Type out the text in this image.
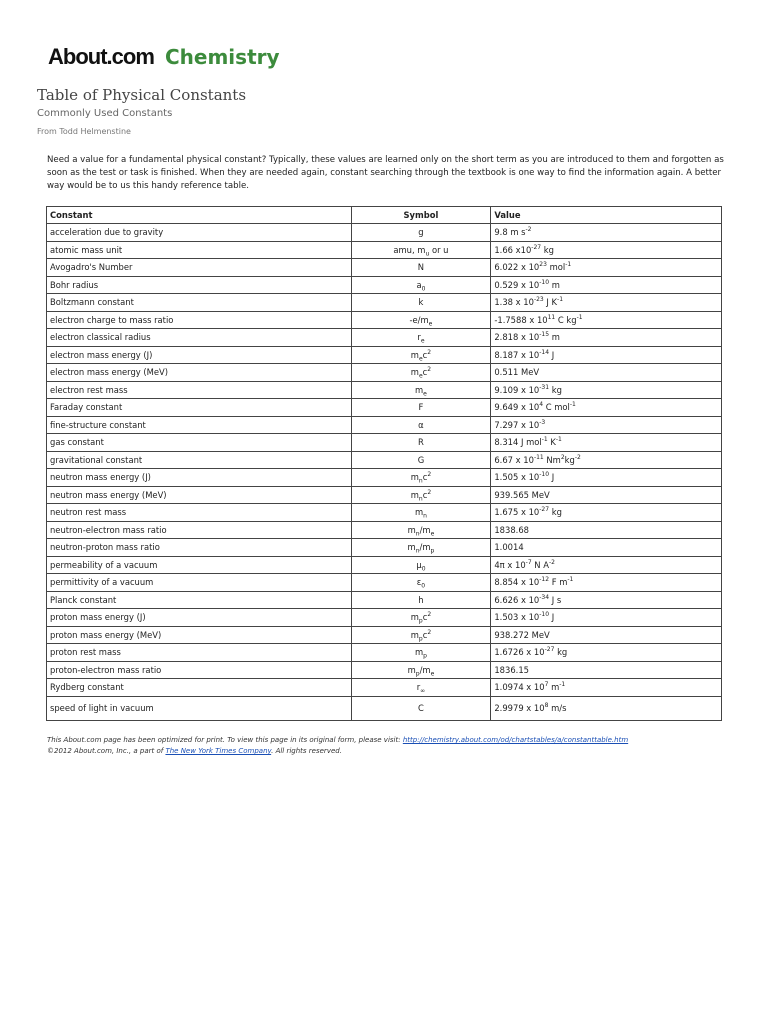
About.com Chemistry
Table of Physical Constants
Commonly Used Constants
From Todd Helmenstine

Need a value for a fundamental physical constant? Typically, these values are learned only on the short term as you are introduced to them and forgotten as soon as the test or task is finished. When they are needed again, constant searching through the textbook is one way to find the information again. A better way would be to us this handy reference table.

Constant	Symbol	Value
acceleration due to gravity	g	9.8 m $s^{-2}$
atomic mass unit	amu, $m_u$ or u	1.66 $x10^{-27}$ kg
Avogadro's Number	N	6.022 x $10^{23}$ mol$^{-1}$
Bohr radius	$a_0$	0.529 x $10^{-10}$ m
Boltzmann constant	k	1.38 x $10^{-23}$ J $K^{-1}$
electron charge to mass ratio	$-e/m_e$	-1.7588 x $10^{11}$ C $kg^{-1}$
electron classical radius	$r_e$	2.818 x $10^{-15}$ m
electron mass energy (J)	$m_ec^2$	8.187 x $10^{-14}$ J
electron mass energy (MeV)	$m_ec^2$	0.511 MeV
electron rest mass	$m_e$	9.109 x $10^{-31}$ kg
Faraday constant	F	9.649 x $10^4$ C mol$^{-1}$
fine-structure constant	α	7.297 x $10^{-3}$
gas constant	R	8.314 J mol$^{-1}$ $K^{-1}$
gravitational constant	G	6.67 x $10^{-11}$ $Nm^2kg^{-2}$
neutron mass energy (J)	$m_nc^2$	1.505 x $10^{-10}$ J
neutron mass energy (MeV)	$m_nc^2$	939.565 MeV
neutron rest mass	$m_n$	1.675 x $10^{-27}$ kg
neutron-electron mass ratio	$m_n/m_e$	1838.68
neutron-proton mass ratio	$m_n/m_p$	1.0014
permeability of a vacuum	$\mu_0$	4π x $10^{-7}$ N $A^{-2}$
permittivity of a vacuum	$\varepsilon_0$	8.854 x $10^{-12}$ F $m^{-1}$
Planck constant	h	6.626 x $10^{-34}$ J s
proton mass energy (J)	$m_pc^2$	1.503 x $10^{-10}$ J
proton mass energy (MeV)	$m_pc^2$	938.272 MeV
proton rest mass	$m_p$	1.6726 x $10^{-27}$ kg
proton-electron mass ratio	$m_p/m_e$	1836.15
Rydberg constant	$r_\infty$	1.0974 x $10^7$ $m^{-1}$
speed of light in vacuum	C	2.9979 x $10^8$ m/s
This About.com page has been optimized for print. To view this page in its original form, please visit: http://chemistry.about.com/od/chartstables/a/constanttable.htm
©2012 About.com, Inc., a part of The New York Times Company. All rights reserved.
